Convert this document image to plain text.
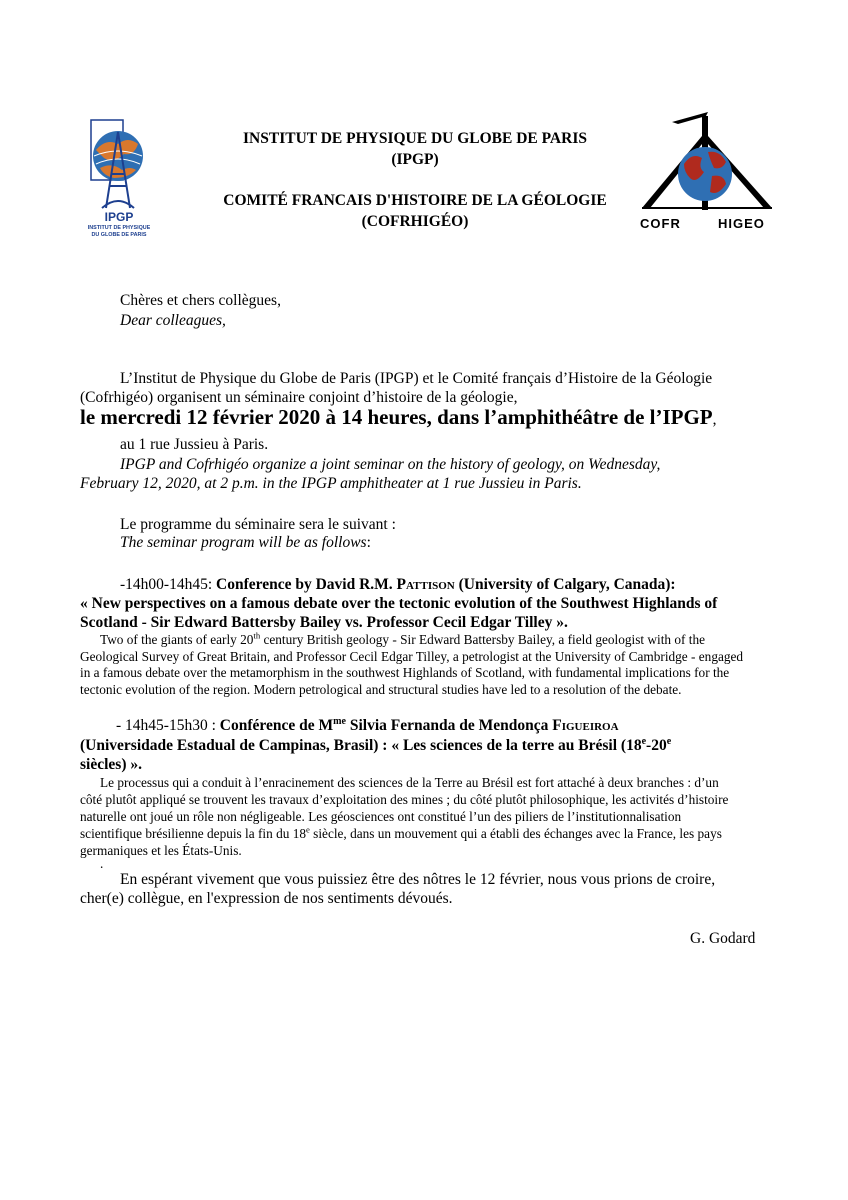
IPGP
INSTITUT DE PHYSIQUE
DU GLOBE DE PARIS
INSTITUT DE PHYSIQUE DU GLOBE DE PARIS
(IPGP)
COMITÉ FRANCAIS D'HISTOIRE DE LA GÉOLOGIE
(COFRHIGÉO)	COFR	HIGEO
Chères et chers collègues,
Dear colleagues,
L’Institut de Physique du Globe de Paris (IPGP) et le Comité français d’Histoire de la Géologie
(Cofrhigéo) organisent un séminaire conjoint d’histoire de la géologie,
le mercredi 12 février 2020 à 14 heures, dans l’amphithéâtre de l’IPGP,
au 1 rue Jussieu à Paris.
IPGP and Cofrhigéo organize a joint seminar on the history of geology, on Wednesday,
February 12, 2020, at 2 p.m. in the IPGP amphitheater at 1 rue Jussieu in Paris.
Le programme du séminaire sera le suivant :
The seminar program will be as follows:
-14h00-14h45: Conference by David R.M. Pattison (University of Calgary, Canada):
« New perspectives on a famous debate over the tectonic evolution of the Southwest Highlands of
Scotland - Sir Edward Battersby Bailey vs. Professor Cecil Edgar Tilley ».
Two of the giants of early 20th century British geology - Sir Edward Battersby Bailey, a field geologist with of the
Geological Survey of Great Britain, and Professor Cecil Edgar Tilley, a petrologist at the University of Cambridge - engaged
in a famous debate over the metamorphism in the southwest Highlands of Scotland, with fundamental implications for the
tectonic evolution of the region. Modern petrological and structural studies have led to a resolution of the debate.
- 14h45-15h30 : Conférence de $M^{me}$ Silvia Fernanda de Mendonça Figueiroa
(Universidade Estadual de Campinas, Brasil) : « Les sciences de la terre au Brésil (18e-20e
siècles) ».
Le processus qui a conduit à l’enracinement des sciences de la Terre au Brésil est fort attaché à deux branches : d’un
côté plutôt appliqué se trouvent les travaux d’exploitation des mines ; du côté plutôt philosophique, les activités d’histoire
naturelle ont joué un rôle non négligeable. Les géosciences ont constitué l’un des piliers de l’institutionnalisation
scientifique brésilienne depuis la fin du 18e siècle, dans un mouvement qui a établi des échanges avec la France, les pays
germaniques et les États-Unis.
.
En espérant vivement que vous puissiez être des nôtres le 12 février, nous vous prions de croire,
cher(e) collègue, en l'expression de nos sentiments dévoués.
G. Godard
